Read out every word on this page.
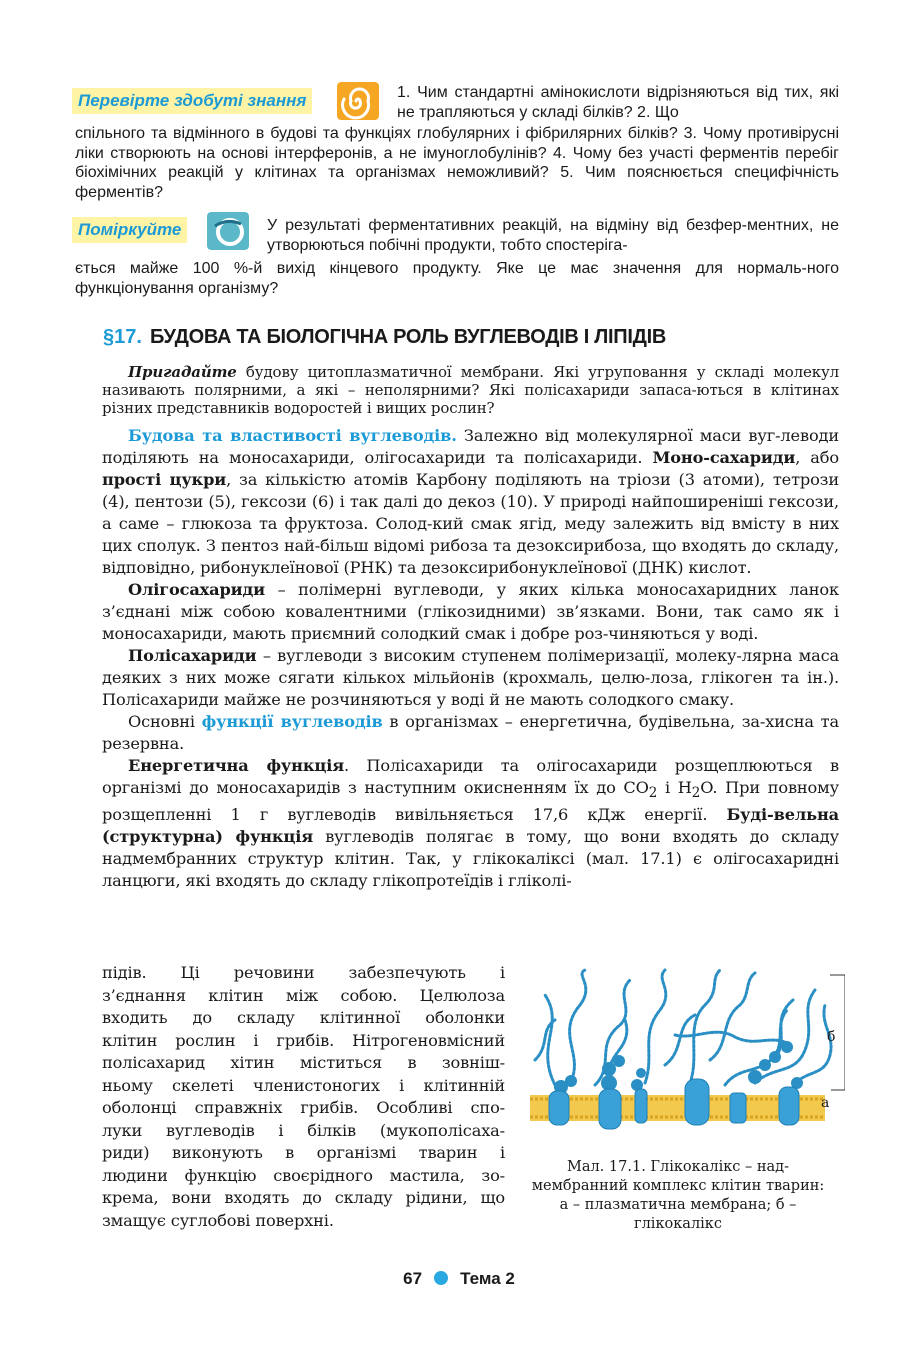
Перевірте здобуті знання	1. Чим стандартні амінокислоти відрізняються від тих, які не трапляються у складі білків? 2. Що
спільного та відмінного в будові та функціях глобулярних і фібрилярних білків? 3. Чому противірусні ліки створюють на основі інтерферонів, а не імуноглобулінів? 4. Чому без участі ферментів перебіг біохімічних реакцій у клітинах та організмах неможливий? 5. Чим пояснюється специфічність ферментів?
Поміркуйте	У результаті ферментативних реакцій, на відміну від безфер-ментних, не утворюються побічні продукти, тобто спостеріга-
ється майже 100 %-й вихід кінцевого продукту. Яке це має значення для нормаль-ного функціонування організму?
§17. БУДОВА ТА БІОЛОГІЧНА РОЛЬ ВУГЛЕВОДІВ І ЛІПІДІВ

Пригадайте будову цитоплазматичної мембрани. Які угруповання у складі молекул називають полярними, а які – неполярними? Які полісахариди запаса-ються в клітинах різних представників водоростей і вищих рослин?

Будова та властивості вуглеводів. Залежно від молекулярної маси вуг-леводи поділяють на моносахариди, олігосахариди та полісахариди. Моно-сахариди, або прості цукри, за кількістю атомів Карбону поділяють на тріози (3 атоми), тетрози (4), пентози (5), гексози (6) і так далі до декоз (10). У природі найпоширеніші гексози, а саме – глюкоза та фруктоза. Солод-кий смак ягід, меду залежить від вмісту в них цих сполук. З пентоз най-більш відомі рибоза та дезоксирибоза, що входять до складу, відповідно, рибонуклеїнової (РНК) та дезоксирибонуклеїнової (ДНК) кислот.

Олігосахариди – полімерні вуглеводи, у яких кілька моносахаридних ланок з’єднані між собою ковалентними (глікозидними) зв’язками. Вони, так само як і моносахариди, мають приємний солодкий смак і добре роз-чиняються у воді.

Полісахариди – вуглеводи з високим ступенем полімеризації, молеку-лярна маса деяких з них може сягати кількох мільйонів (крохмаль, целю-лоза, глікоген та ін.). Полісахариди майже не розчиняються у воді й не мають солодкого смаку.

Основні функції вуглеводів в організмах – енергетична, будівельна, за-хисна та резервна.

Енергетична функція. Полісахариди та олігосахариди розщеплюються в організмі до моносахаридів з наступним окисненням їх до $CO_2$ і $H_2O$. При повному розщепленні 1 г вуглеводів вивільняється 17,6 кДж енергії. Буді-вельна (структурна) функція вуглеводів полягає в тому, що вони входять до складу надмембранних структур клітин. Так, у глікокаліксі (мал. 17.1) є олігосахаридні ланцюги, які входять до складу глікопротеїдів і гліколі-

підів. Ці речовини забезпечують і
з’єднання клітин між собою. Целюлоза
входить до складу клітинної оболонки
клітин рослин і грибів. Нітрогеновмісний
полісахарид хітин міститься в зовніш-
ньому скелеті членистоногих і клітинній
оболонці справжніх грибів. Особливі спо-
луки вуглеводів і білків (мукополісаха-
риди) виконують в організмі тварин і
людини функцію своєрідного мастила, зо-
крема, вони входять до складу рідини, що
змащує суглобові поверхні.
б
а
Мал. 17.1. Глікокалікс – над-мембранний комплекс клітин тварин: а – плазматична мембрана; б – глікокалікс
67 Тема 2
